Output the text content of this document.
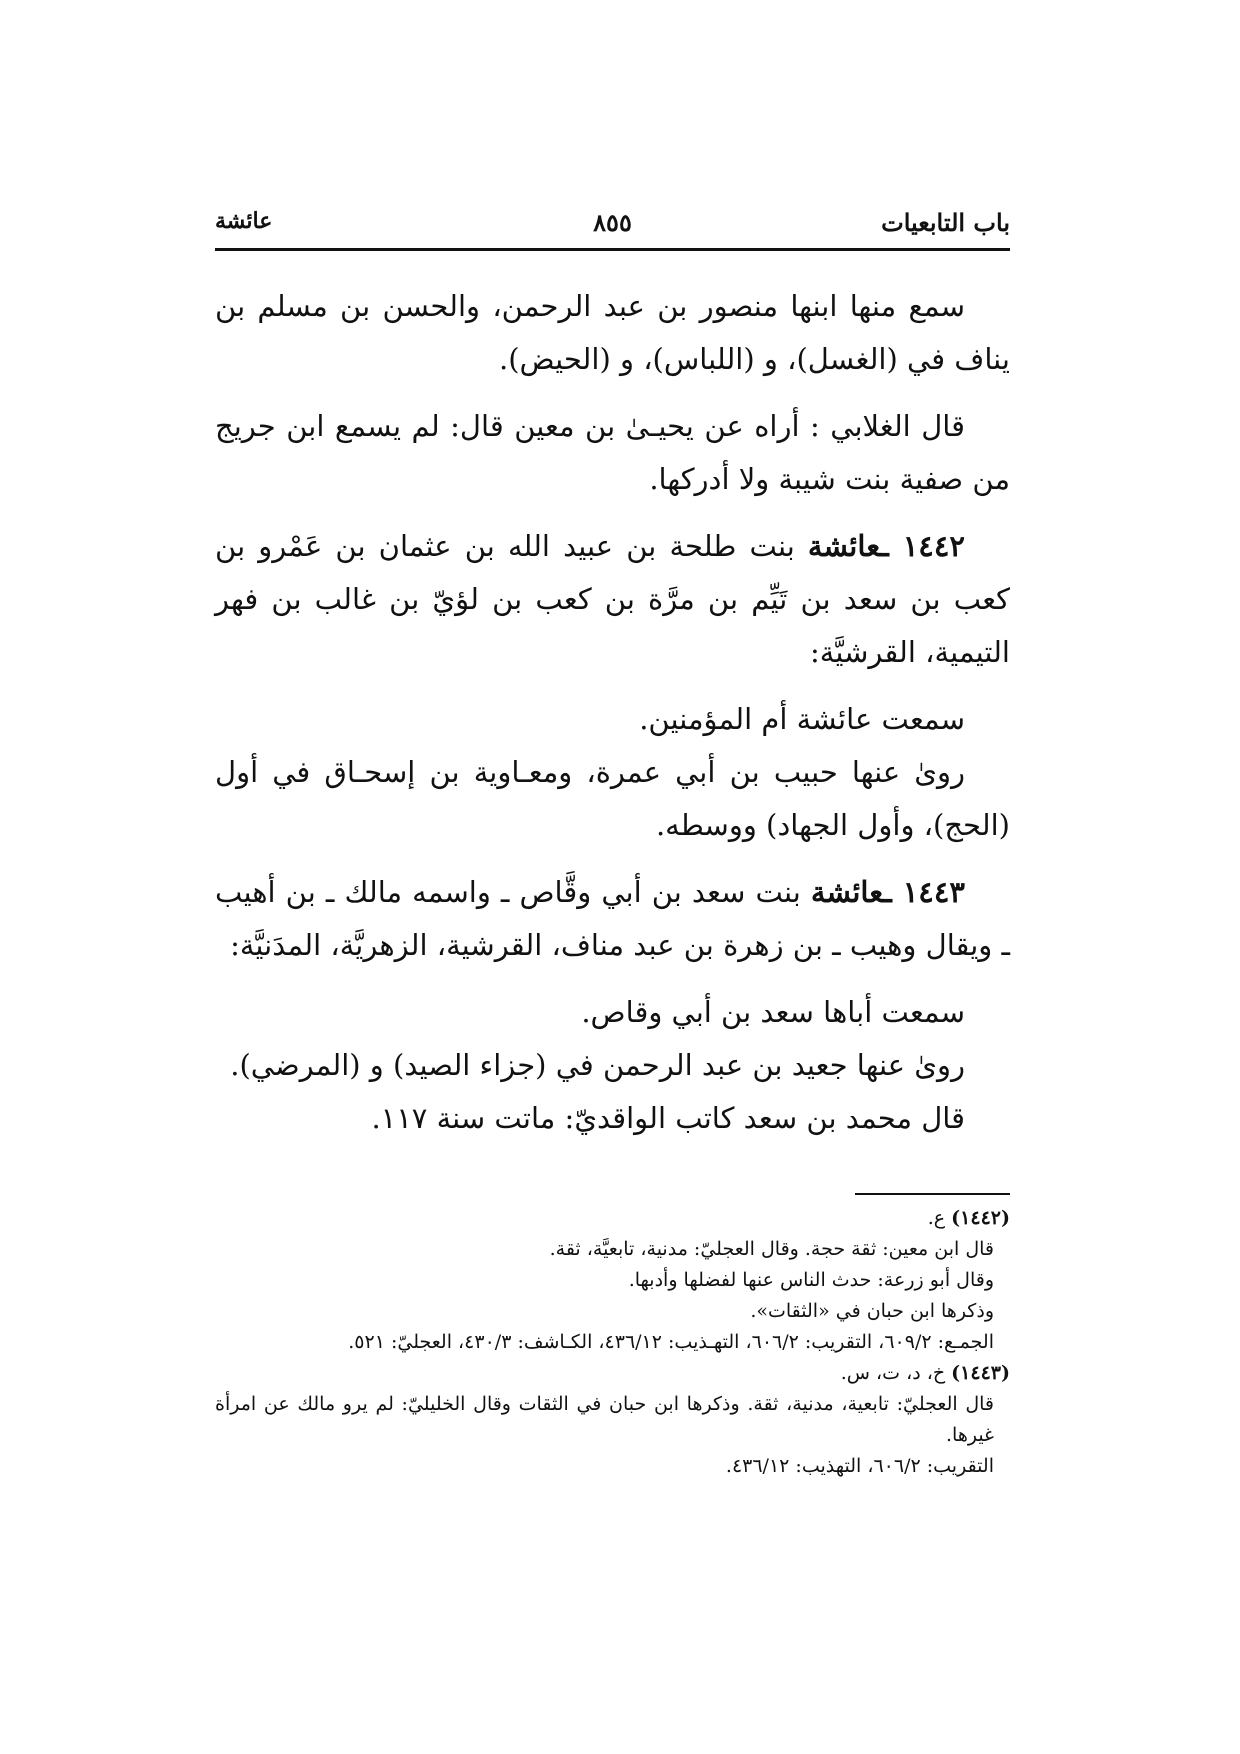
باب التابعيات
٨٥٥
عائشة

سمع منها ابنها منصور بن عبد الرحمن، والحسن بن مسلم بن يناف في (الغسل)، و (اللباس)، و (الحيض).

قال الغلابي : أراه عن يحيـىٰ بن معين قال: لم يسمع ابن جريج من صفية بنت شيبة ولا أدركها.

١٤٤٢ ـعائشة بنت طلحة بن عبيد الله بن عثمان بن عَمْرو بن كعب بن سعد بن تَيِّم بن مرَّة بن كعب بن لؤيّ بن غالب بن فهر التيمية، القرشيَّة:

سمعت عائشة أم المؤمنين.

روىٰ عنها حبيب بن أبي عمرة، ومعـاوية بن إسحـاق في أول (الحج)، وأول الجهاد) ووسطه.

١٤٤٣ ـعائشة بنت سعد بن أبي وقَّاص ـ واسمه مالك ـ بن أهيب ـ ويقال وهيب ـ بن زهرة بن عبد مناف، القرشية، الزهريَّة، المدَنيَّة:

سمعت أباها سعد بن أبي وقاص.

روىٰ عنها جعيد بن عبد الرحمن في (جزاء الصيد) و (المرضي).

قال محمد بن سعد كاتب الواقديّ: ماتت سنة ١١٧.

(١٤٤٢) ع.

قال ابن معين: ثقة حجة. وقال العجليّ: مدنية، تابعيَّة، ثقة.

وقال أبو زرعة: حدث الناس عنها لفضلها وأدبها.

وذكرها ابن حبان في «الثقات».

الجمـع: ٦٠٩/٢، التقريب: ٦٠٦/٢، التهـذيب: ٤٣٦/١٢، الكـاشف: ٤٣٠/٣، العجليّ: ٥٢١.

(١٤٤٣) خ، د، ت، س.

قال العجليّ: تابعية، مدنية، ثقة. وذكرها ابن حبان في الثقات وقال الخليليّ: لم يرو مالك عن امرأة غيرها.

التقريب: ٦٠٦/٢، التهذيب: ٤٣٦/١٢.
